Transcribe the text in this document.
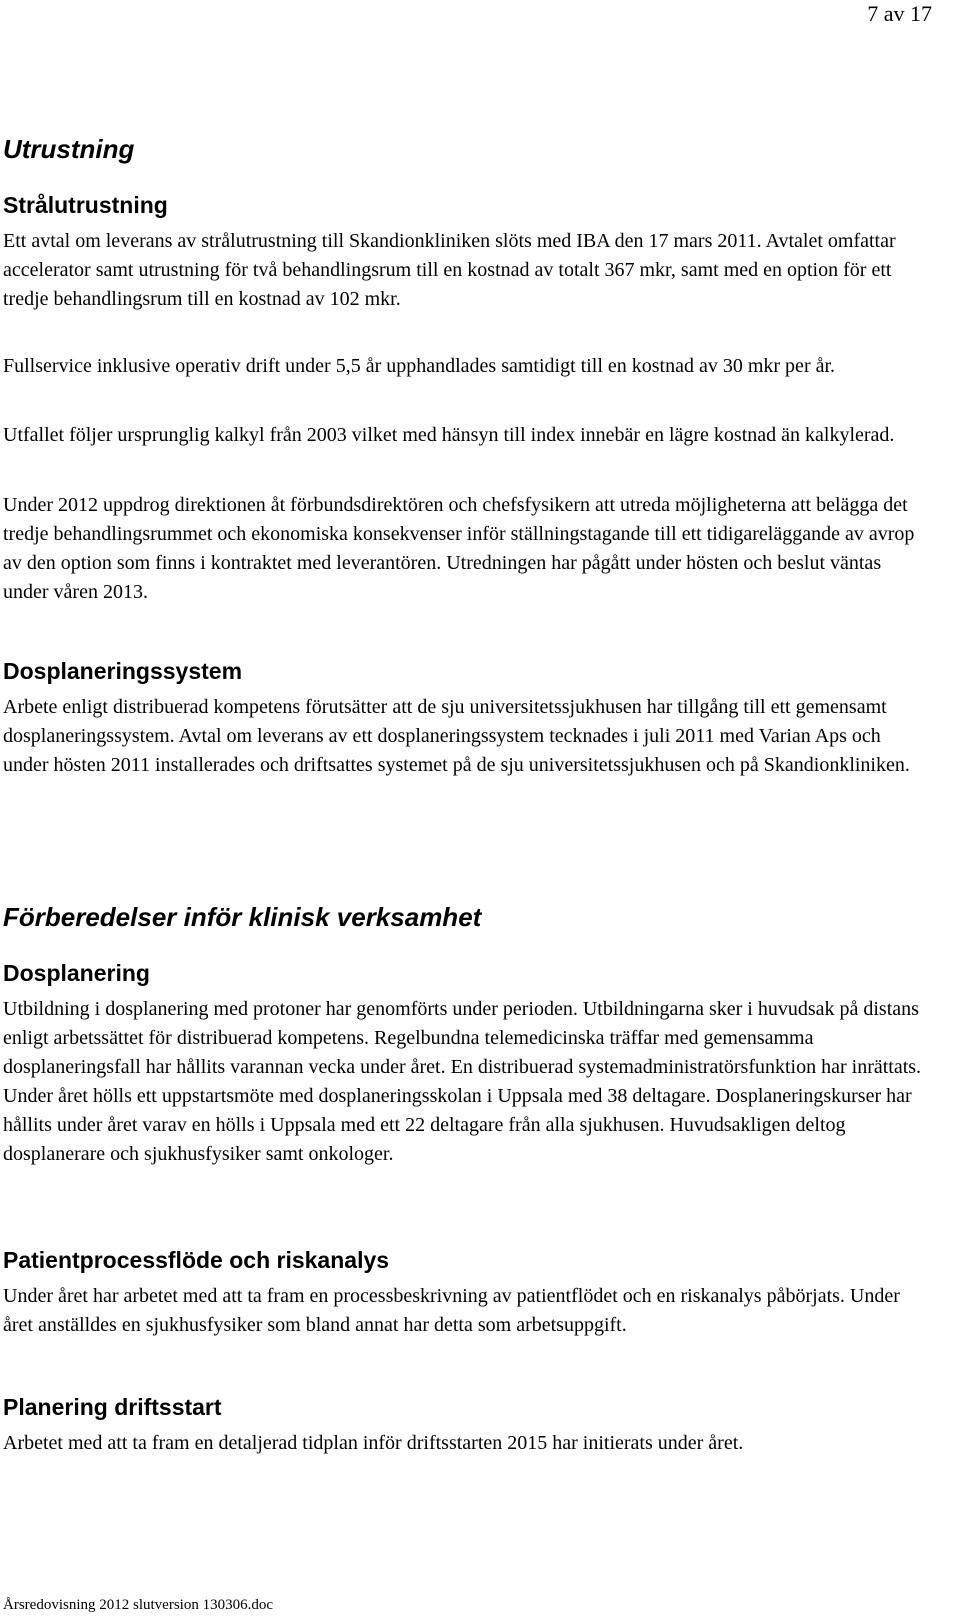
7 av 17
Utrustning
Strålutrustning

Ett avtal om leverans av strålutrustning till Skandionkliniken slöts med IBA den 17 mars 2011. Avtalet omfattar accelerator samt utrustning för två behandlingsrum till en kostnad av totalt 367 mkr, samt med en option för ett tredje behandlingsrum till en kostnad av 102 mkr.

Fullservice inklusive operativ drift under 5,5 år upphandlades samtidigt till en kostnad av 30 mkr per år.

Utfallet följer ursprunglig kalkyl från 2003 vilket med hänsyn till index innebär en lägre kostnad än kalkylerad.

Under 2012 uppdrog direktionen åt förbundsdirektören och chefsfysikern att utreda möjligheterna att belägga det tredje behandlingsrummet och ekonomiska konsekvenser inför ställningstagande till ett tidigareläggande av avrop av den option som finns i kontraktet med leverantören. Utredningen har pågått under hösten och beslut väntas under våren 2013.

Dosplaneringssystem

Arbete enligt distribuerad kompetens förutsätter att de sju universitetssjukhusen har tillgång till ett gemensamt dosplaneringssystem. Avtal om leverans av ett dosplaneringssystem tecknades i juli 2011 med Varian Aps och under hösten 2011 installerades och driftsattes systemet på de sju universitetssjukhusen och på Skandionkliniken.

Förberedelser inför klinisk verksamhet
Dosplanering

Utbildning i dosplanering med protoner har genomförts under perioden. Utbildningarna sker i huvudsak på distans enligt arbetssättet för distribuerad kompetens. Regelbundna telemedicinska träffar med gemensamma dosplaneringsfall har hållits varannan vecka under året. En distribuerad systemadministratörsfunktion har inrättats. Under året hölls ett uppstartsmöte med dosplaneringsskolan i Uppsala med 38 deltagare. Dosplaneringskurser har hållits under året varav en hölls i Uppsala med ett 22 deltagare från alla sjukhusen. Huvudsakligen deltog dosplanerare och sjukhusfysiker samt onkologer.

Patientprocessflöde och riskanalys

Under året har arbetet med att ta fram en processbeskrivning av patientflödet och en riskanalys påbörjats. Under året anställdes en sjukhusfysiker som bland annat har detta som arbetsuppgift.

Planering driftsstart

Arbetet med att ta fram en detaljerad tidplan inför driftsstarten 2015 har initierats under året.

Årsredovisning 2012 slutversion 130306.doc
